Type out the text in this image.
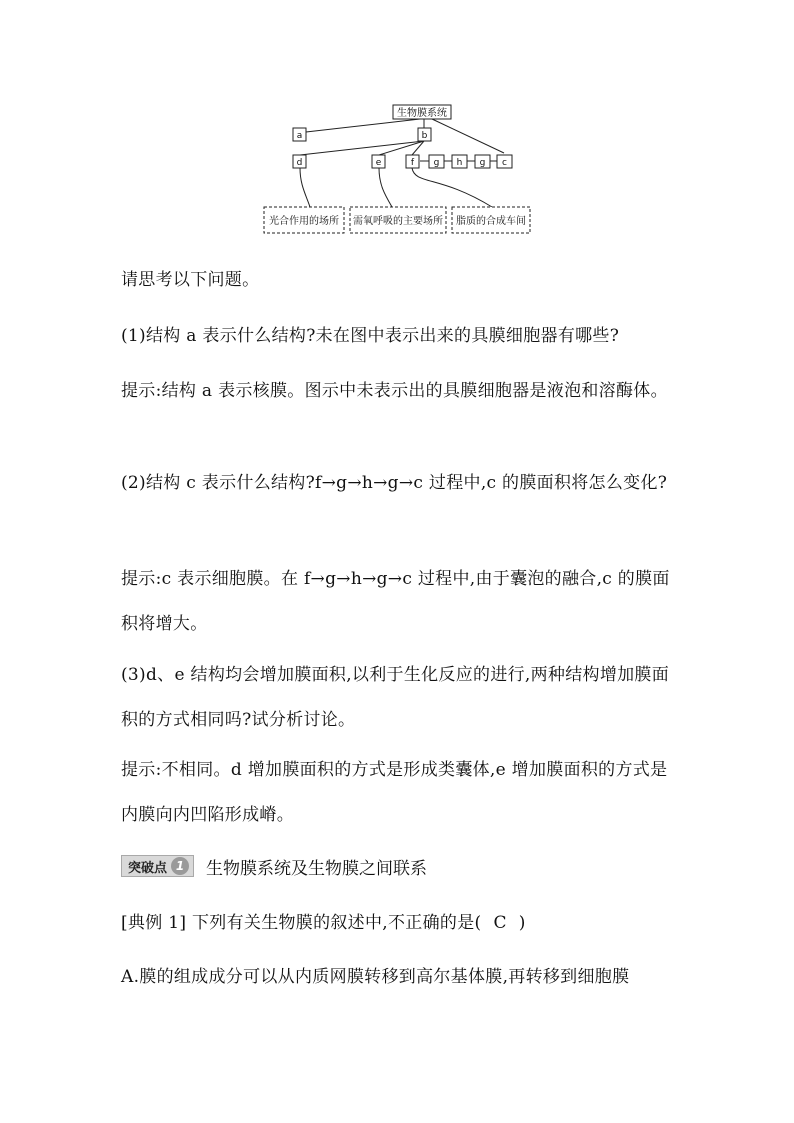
生物膜系统
a	b
d	e	f g h g c
光合作用的场所 需氧呼吸的主要场所 脂质的合成车间

请思考以下问题。

(1)结构 a 表示什么结构?未在图中表示出来的具膜细胞器有哪些?

提示:结构 a 表示核膜。图示中未表示出的具膜细胞器是液泡和溶酶体。

(2)结构 c 表示什么结构?f→g→h→g→c 过程中,c 的膜面积将怎么变化?

提示:c 表示细胞膜。在 f→g→h→g→c 过程中,由于囊泡的融合,c 的膜面积将增大。

(3)d、e 结构均会增加膜面积,以利于生化反应的进行,两种结构增加膜面积的方式相同吗?试分析讨论。

提示:不相同。d 增加膜面积的方式是形成类囊体,e 增加膜面积的方式是内膜向内凹陷形成嵴。

突破点 1 生物膜系统及生物膜之间联系

[典例 1] 下列有关生物膜的叙述中,不正确的是( C )

A.膜的组成成分可以从内质网膜转移到高尔基体膜,再转移到细胞膜
